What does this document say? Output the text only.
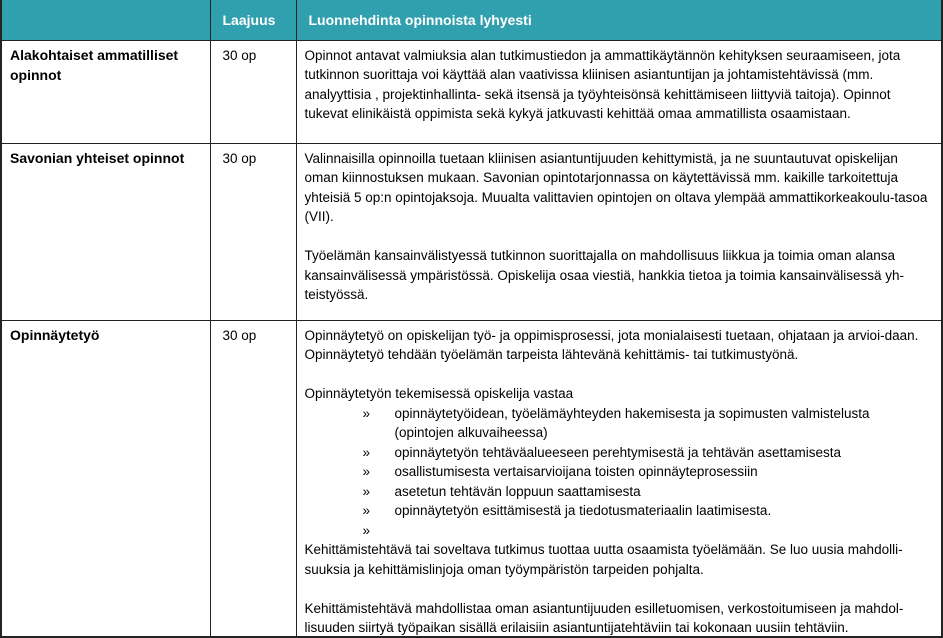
	Laajuus	Luonnehdinta opinnoista lyhyesti
Alakohtaiset ammatilliset opinnot	30 op	Opinnot antavat valmiuksia alan tutkimustiedon ja ammattikäytännön kehityksen seuraamiseen, jota tutkinnon suorittaja voi käyttää alan vaativissa kliinisen asiantuntijan ja johtamistehtävissä (mm. analyyttisia , projektinhallinta- sekä itsensä ja työyhteisönsä kehittämiseen liittyviä taitoja). Opinnot tukevat elinikäistä oppimista sekä kykyä jatkuvasti kehittää omaa ammatillista osaamistaan.

Savonian yhteiset opinnot	30 op	Valinnaisilla opinnoilla tuetaan kliinisen asiantuntijuuden kehittymistä, ja ne suuntautuvat opiskelijan oman kiinnostuksen mukaan. Savonian opintotarjonnassa on käytettävissä mm. kaikille tarkoitettuja yhteisiä 5 op:n opintojaksoja. Muualta valittavien opintojen on oltava ylempää ammattikorkeakoulu-tasoa (VII).
Työelämän kansainvälistyessä tutkinnon suorittajalla on mahdollisuus liikkua ja toimia oman alansa kansainvälisessä ympäristössä. Opiskelija osaa viestiä, hankkia tietoa ja toimia kansainvälisessä yh-teistyössä.

Opinnäytetyö	30 op	Opinnäytetyö on opiskelijan työ- ja oppimisprosessi, jota monialaisesti tuetaan, ohjataan ja arvioi-daan. Opinnäytetyö tehdään työelämän tarpeista lähtevänä kehittämis- tai tutkimustyönä.
Opinnäytetyön tekemisessä opiskelija vastaa
»	opinnäytetyöidean, työelämäyhteyden hakemisesta ja sopimusten valmistelusta (opintojen alkuvaiheessa)
»	opinnäytetyön tehtäväalueeseen perehtymisestä ja tehtävän asettamisesta
»	osallistumisesta vertaisarvioijana toisten opinnäyteprosessiin
»	asetetun tehtävän loppuun saattamisesta
»	opinnäytetyön esittämisestä ja tiedotusmateriaalin laatimisesta.
»
Kehittämistehtävä tai soveltava tutkimus tuottaa uutta osaamista työelämään. Se luo uusia mahdolli-suuksia ja kehittämislinjoja oman työympäristön tarpeiden pohjalta.
Kehittämistehtävä mahdollistaa oman asiantuntijuuden esilletuomisen, verkostoitumiseen ja mahdol-lisuuden siirtyä työpaikan sisällä erilaisiin asiantuntijatehtäviin tai kokonaan uusiin tehtäviin.
